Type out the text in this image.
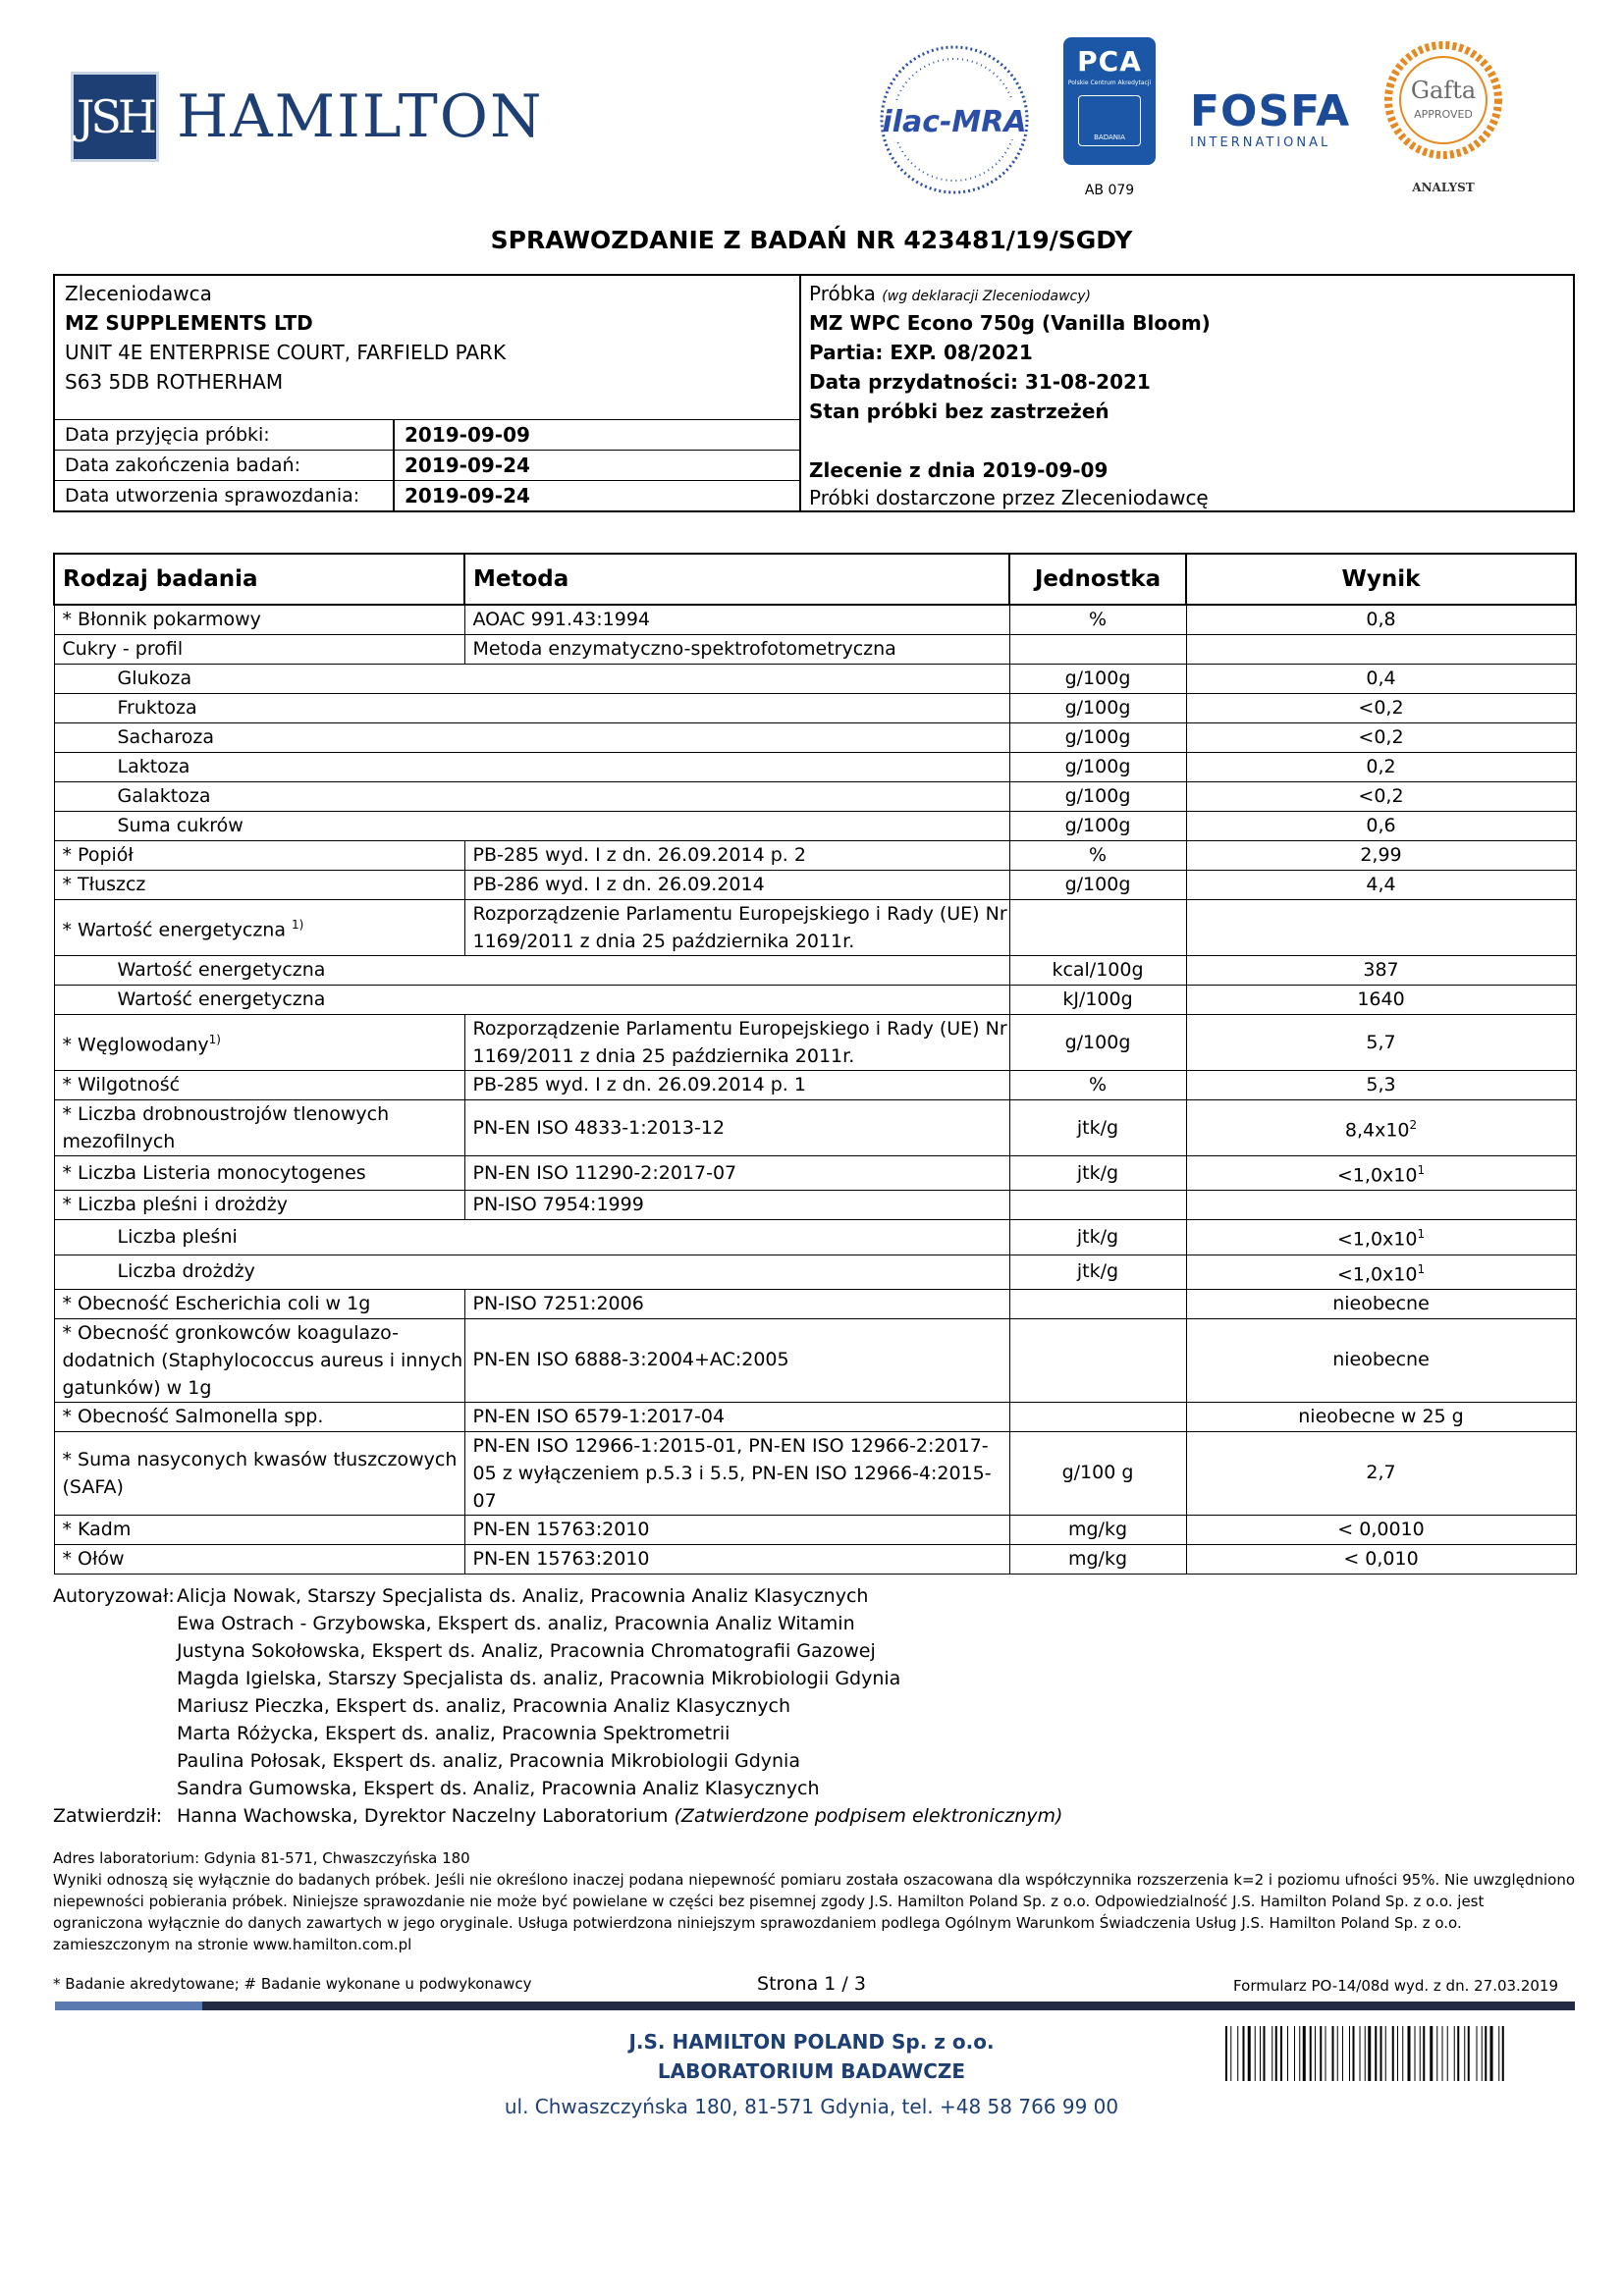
JSH HAMILTON	ilac-MRA
PCA
Polskie Centrum Akredytacji
BADANIA
AB 079
FOSFA
INTERNATIONAL
Gafta
APPROVED
ANALYST
SPRAWOZDANIE Z BADAŃ NR 423481/19/SGDY
Zleceniodawca
MZ SUPPLEMENTS LTD
UNIT 4E ENTERPRISE COURT, FARFIELD PARK
S63 5DB ROTHERHAM
Data przyjęcia próbki:	2019-09-09
Data zakończenia badań:	2019-09-24
Data utworzenia sprawozdania: 2019-09-24
Próbka (wg deklaracji Zleceniodawcy)
MZ WPC Econo 750g (Vanilla Bloom)
Partia: EXP. 08/2021
Data przydatności: 31-08-2021
Stan próbki bez zastrzeżeń
Zlecenie z dnia 2019-09-09
Próbki dostarczone przez Zleceniodawcę
Rodzaj badania	Metoda	Jednostka	Wynik
* Błonnik pokarmowy	AOAC 991.43:1994	%	0,8
Cukry - profil	Metoda enzymatyczno-spektrofotometryczna		
Glukoza		g/100g	0,4
Fruktoza		g/100g	<0,2
Sacharoza		g/100g	<0,2
Laktoza		g/100g	0,2
Galaktoza		g/100g	<0,2
Suma cukrów		g/100g	0,6
* Popiół	PB-285 wyd. I z dn. 26.09.2014 p. 2	%	2,99
* Tłuszcz	PB-286 wyd. I z dn. 26.09.2014	g/100g	4,4
* Wartość energetyczna $^{1)}$	Rozporządzenie Parlamentu Europejskiego i Rady (UE) Nr 1169/2011 z dnia 25 października 2011r.		
Wartość energetyczna		kcal/100g	387
Wartość energetyczna		kJ/100g	1640
* Węglowodany$^{1)}$	Rozporządzenie Parlamentu Europejskiego i Rady (UE) Nr 1169/2011 z dnia 25 października 2011r.	g/100g	5,7
* Wilgotność	PB-285 wyd. I z dn. 26.09.2014 p. 1	%	5,3
* Liczba drobnoustrojów tlenowych mezofilnych	PN-EN ISO 4833-1:2013-12	jtk/g	$8,4x10^2$
* Liczba Listeria monocytogenes	PN-EN ISO 11290-2:2017-07	jtk/g	$<1,0x10^1$
* Liczba pleśni i drożdży	PN-ISO 7954:1999		
Liczba pleśni		jtk/g	$<1,0x10^1$
Liczba drożdży		jtk/g	$<1,0x10^1$
* Obecność Escherichia coli w 1g	PN-ISO 7251:2006		nieobecne
* Obecność gronkowców koagulazo-dodatnich (Staphylococcus aureus i innych gatunków) w 1g	PN-EN ISO 6888-3:2004+AC:2005		nieobecne
* Obecność Salmonella spp.	PN-EN ISO 6579-1:2017-04		nieobecne w 25 g
* Suma nasyconych kwasów tłuszczowych (SAFA)	PN-EN ISO 12966-1:2015-01, PN-EN ISO 12966-2:2017-05 z wyłączeniem p.5.3 i 5.5, PN-EN ISO 12966-4:2015-07	g/100 g	2,7
* Kadm	PN-EN 15763:2010	mg/kg	< 0,0010
* Ołów	PN-EN 15763:2010	mg/kg	< 0,010
Autoryzował: Alicja Nowak, Starszy Specjalista ds. Analiz, Pracownia Analiz Klasycznych
Ewa Ostrach - Grzybowska, Ekspert ds. analiz, Pracownia Analiz Witamin
Justyna Sokołowska, Ekspert ds. Analiz, Pracownia Chromatografii Gazowej
Magda Igielska, Starszy Specjalista ds. analiz, Pracownia Mikrobiologii Gdynia
Mariusz Pieczka, Ekspert ds. analiz, Pracownia Analiz Klasycznych
Marta Różycka, Ekspert ds. analiz, Pracownia Spektrometrii
Paulina Połosak, Ekspert ds. analiz, Pracownia Mikrobiologii Gdynia
Sandra Gumowska, Ekspert ds. Analiz, Pracownia Analiz Klasycznych
Zatwierdził: Hanna Wachowska, Dyrektor Naczelny Laboratorium (Zatwierdzone podpisem elektronicznym)
Adres laboratorium: Gdynia 81-571, Chwaszczyńska 180
Wyniki odnoszą się wyłącznie do badanych próbek. Jeśli nie określono inaczej podana niepewność pomiaru została oszacowana dla współczynnika rozszerzenia k=2 i poziomu ufności 95%. Nie uwzględniono niepewności pobierania próbek. Niniejsze sprawozdanie nie może być powielane w części bez pisemnej zgody J.S. Hamilton Poland Sp. z o.o. Odpowiedzialność J.S. Hamilton Poland Sp. z o.o. jest ograniczona wyłącznie do danych zawartych w jego oryginale. Usługa potwierdzona niniejszym sprawozdaniem podlega Ogólnym Warunkom Świadczenia Usług J.S. Hamilton Poland Sp. z o.o. zamieszczonym na stronie www.hamilton.com.pl
* Badanie akredytowane; # Badanie wykonane u podwykonawcy	Strona 1 / 3	Formularz PO-14/08d wyd. z dn. 27.03.2019
J.S. HAMILTON POLAND Sp. z o.o.
LABORATORIUM BADAWCZE
ul. Chwaszczyńska 180, 81-571 Gdynia, tel. +48 58 766 99 00
